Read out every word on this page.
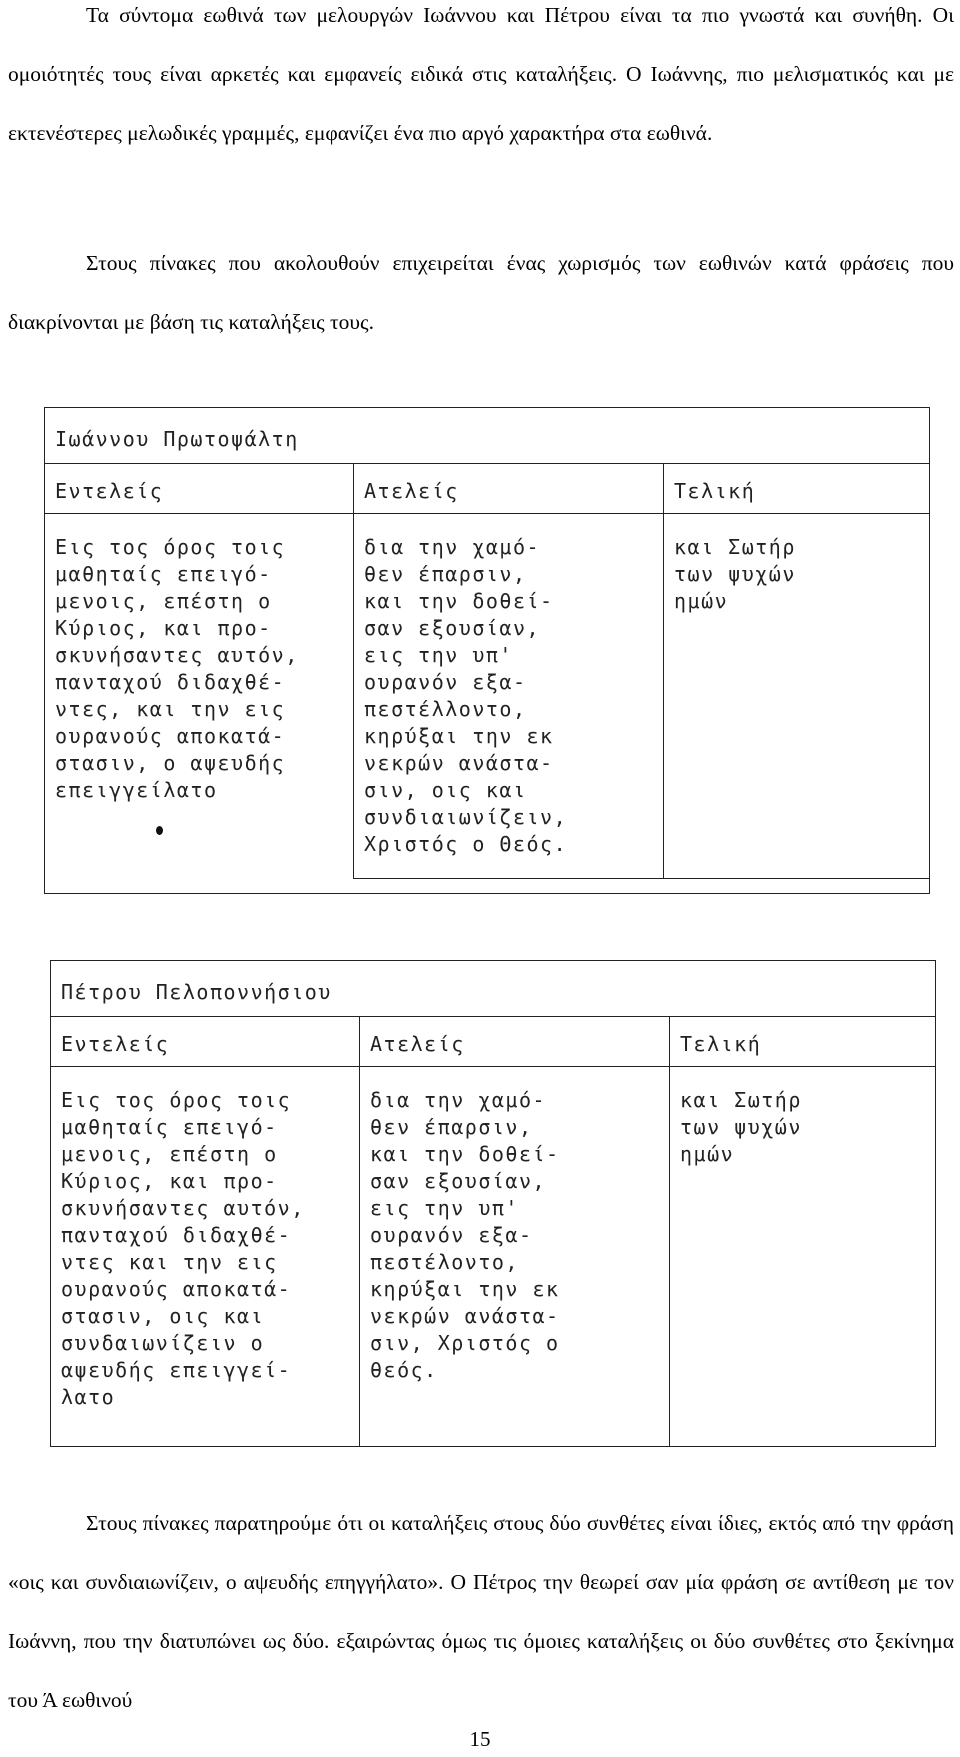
Τα σύντομα εωθινά των μελουργών Ιωάννου και Πέτρου είναι τα πιο γνωστά και συνήθη. Οι ομοιότητές τους είναι αρκετές και εμφανείς ειδικά στις καταλήξεις. Ο Ιωάννης, πιο μελισματικός και με εκτενέστερες μελωδικές γραμμές, εμφανίζει ένα πιο αργό χαρακτήρα στα εωθινά.

Στους πίνακες που ακολουθούν επιχειρείται ένας χωρισμός των εωθινών κατά φράσεις που διακρίνονται με βάση τις καταλήξεις τους.

Ιωάννου Πρωτοψάλτη
Εντελείς
Εις τος όρος τοις
μαθηταίς επειγό-
μενοις, επέστη ο
Κύριος, και προ-
σκυνήσαντες αυτόν,
πανταχού διδαχθέ-
ντες, και την εις
ουρανούς αποκατά-
στασιν, ο αψευδής
επειγγείλατο
Ατελείς
δια την χαμό-
θεν έπαρσιν,
και την δοθεί-
σαν εξουσίαν,
εις την υπ'
ουρανόν εξα-
πεστέλλοντο,
κηρύξαι την εκ
νεκρών ανάστα-
σιν, οις και
συνδιαιωνίζειν,
Χριστός ο Θεός.
Τελική
και Σωτήρ
των ψυχών
ημών
Πέτρου Πελοποννήσιου
Εντελείς
Εις τος όρος τοις
μαθηταίς επειγό-
μενοις, επέστη ο
Κύριος, και προ-
σκυνήσαντες αυτόν,
πανταχού διδαχθέ-
ντες και την εις
ουρανούς αποκατά-
στασιν, οις και
συνδαιωνίζειν ο
αψευδής επειγγεί-
λατο
Ατελείς
δια την χαμό-
θεν έπαρσιν,
και την δοθεί-
σαν εξουσίαν,
εις την υπ'
ουρανόν εξα-
πεστέλοντο,
κηρύξαι την εκ
νεκρών ανάστα-
σιν, Χριστός ο
θεός.
Τελική
και Σωτήρ
των ψυχών
ημών

Στους πίνακες παρατηρούμε ότι οι καταλήξεις στους δύο συνθέτες είναι ίδιες, εκτός από την φράση «οις και συνδιαιωνίζειν, ο αψευδής επηγγήλατο». Ο Πέτρος την θεωρεί σαν μία φράση σε αντίθεση με τον Ιωάννη, που την διατυπώνει ως δύο. εξαιρώντας όμως τις όμοιες καταλήξεις οι δύο συνθέτες στο ξεκίνημα του Ά εωθινού

15
